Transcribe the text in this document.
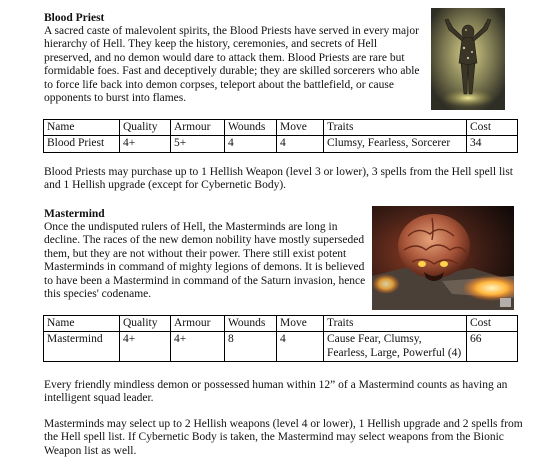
Blood Priest

A sacred caste of malevolent spirits, the Blood Priests have served in every major hierarchy of Hell. They keep the history, ceremonies, and secrets of Hell preserved, and no demon would dare to attack them. Blood Priests are rare but formidable foes. Fast and deceptively durable; they are skilled sorcerers who able to force life back into demon corpses, teleport about the battlefield, or cause opponents to burst into flames.

Name	Quality	Armour	Wounds	Move	Traits	Cost
Blood Priest	4+	5+	4	4	Clumsy, Fearless, Sorcerer	34

Blood Priests may purchase up to 1 Hellish Weapon (level 3 or lower), 3 spells from the Hell spell list and 1 Hellish upgrade (except for Cybernetic Body).

Mastermind

Once the undisputed rulers of Hell, the Masterminds are long in decline. The races of the new demon nobility have mostly superseded them, but they are not without their power. There still exist potent Masterminds in command of mighty legions of demons. It is believed to have been a Mastermind in command of the Saturn invasion, hence this species' codename.

Name	Quality	Armour	Wounds	Move	Traits	Cost
Mastermind	4+	4+	8	4	Cause Fear, Clumsy, Fearless, Large, Powerful (4)	66

Every friendly mindless demon or possessed human within 12” of a Mastermind counts as having an intelligent squad leader.

Masterminds may select up to 2 Hellish weapons (level 4 or lower), 1 Hellish upgrade and 2 spells from the Hell spell list. If Cybernetic Body is taken, the Mastermind may select weapons from the Bionic Weapon list as well.
